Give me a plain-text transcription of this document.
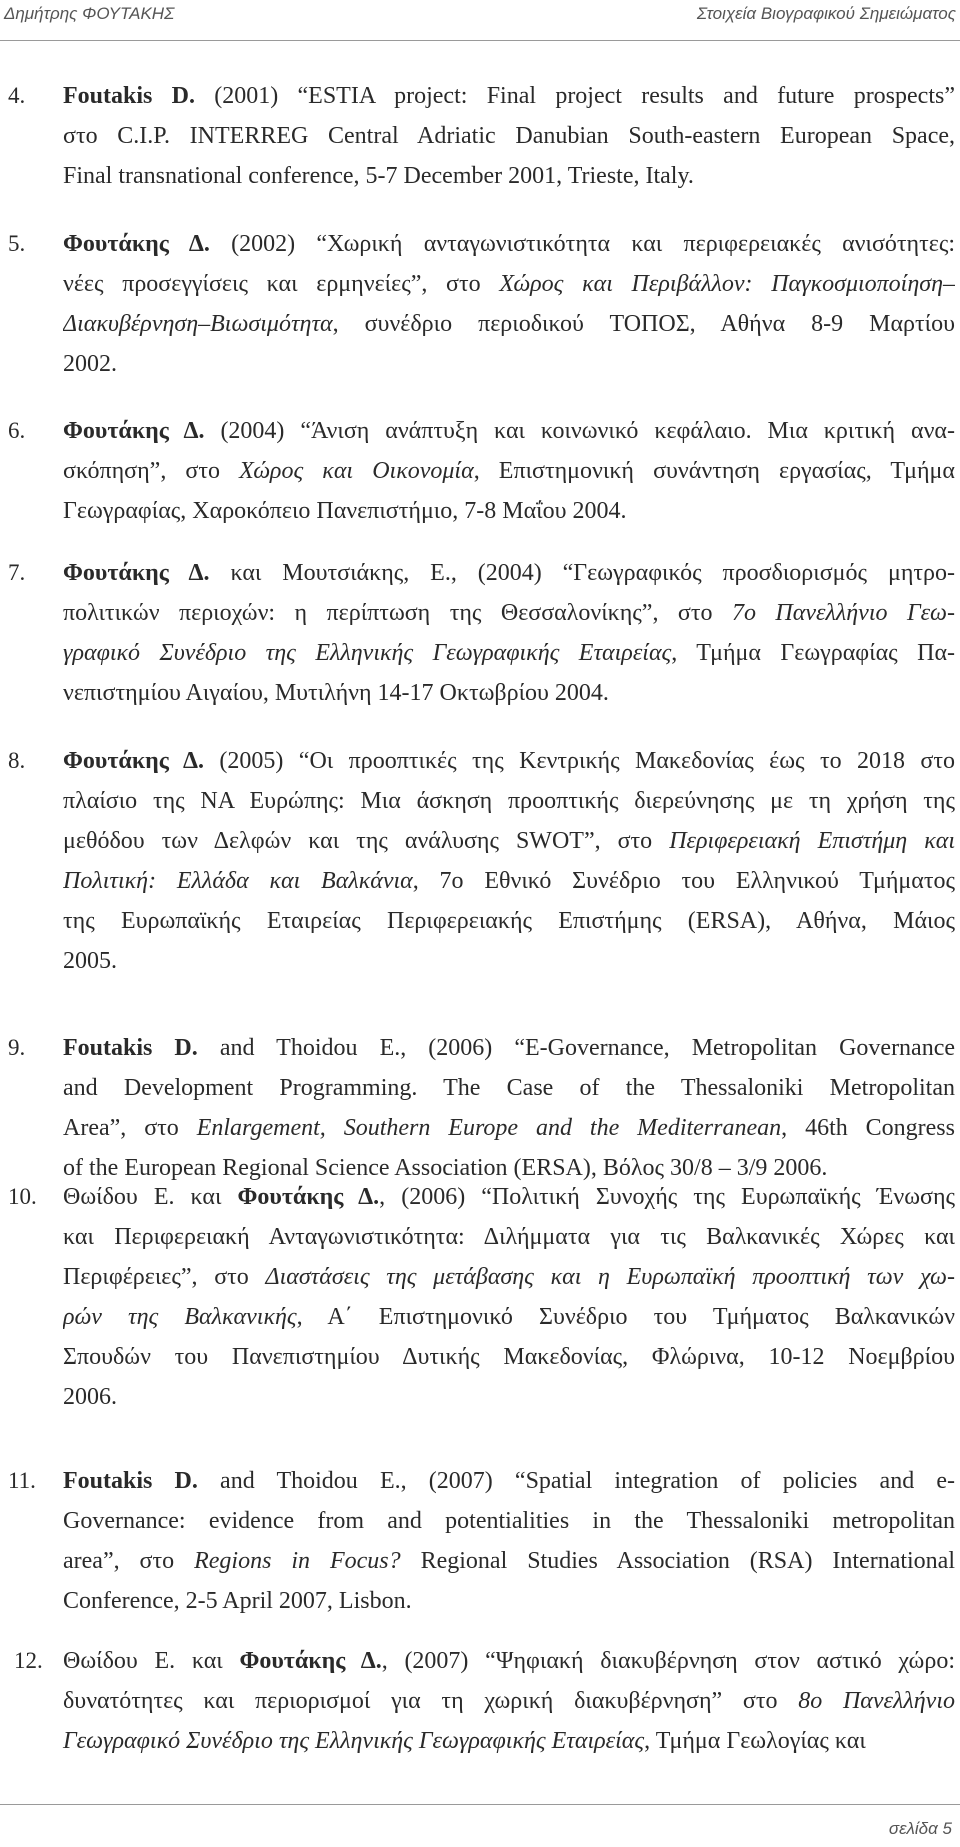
Δημήτρης ΦΟΥΤΑΚΗΣ	Στοιχεία Βιογραφικού Σημειώματος
4. Foutakis D. (2001) “ESTIA project: Final project results and future prospects”
στο C.I.P. INTERREG Central Adriatic Danubian South-eastern European Space,
Final transnational conference, 5-7 December 2001, Trieste, Italy.
5. Φουτάκης Δ. (2002) “Χωρική ανταγωνιστικότητα και περιφερειακές ανισότητες:
νέες προσεγγίσεις και ερμηνείες”, στο Χώρος και Περιβάλλον: Παγκοσμιοποίηση–
Διακυβέρνηση–Βιωσιμότητα, συνέδριο περιοδικού ΤΟΠΟΣ, Αθήνα 8-9 Μαρτίου
2002.
6. Φουτάκης Δ. (2004) “Άνιση ανάπτυξη και κοινωνικό κεφάλαιο. Μια κριτική ανα-
σκόπηση”, στο Χώρος και Οικονομία, Επιστημονική συνάντηση εργασίας, Τμήμα
Γεωγραφίας, Χαροκόπειο Πανεπιστήμιο, 7-8 Μαΐου 2004.
7. Φουτάκης Δ. και Μουτσιάκης, Ε., (2004) “Γεωγραφικός προσδιορισμός μητρο-
πολιτικών περιοχών: η περίπτωση της Θεσσαλονίκης”, στο 7ο Πανελλήνιο Γεω-
γραφικό Συνέδριο της Ελληνικής Γεωγραφικής Εταιρείας, Τμήμα Γεωγραφίας Πα-
νεπιστημίου Αιγαίου, Μυτιλήνη 14-17 Οκτωβρίου 2004.
8. Φουτάκης Δ. (2005) “Οι προοπτικές της Κεντρικής Μακεδονίας έως το 2018 στο
πλαίσιο της ΝΑ Ευρώπης: Μια άσκηση προοπτικής διερεύνησης με τη χρήση της
μεθόδου των Δελφών και της ανάλυσης SWOT”, στο Περιφερειακή Επιστήμη και
Πολιτική: Ελλάδα και Βαλκάνια, 7ο Εθνικό Συνέδριο του Ελληνικού Τμήματος
της Ευρωπαϊκής Εταιρείας Περιφερειακής Επιστήμης (ERSA), Αθήνα, Μάιος
2005.
9. Foutakis D. and Thoidou E., (2006) “E-Governance, Metropolitan Governance
and Development Programming. The Case of the Thessaloniki Metropolitan
Area”, στο Enlargement, Southern Europe and the Mediterranean, 46th Congress
of the European Regional Science Association (ERSA), Βόλος 30/8 – 3/9 2006.
10. Θωίδου Ε. και Φουτάκης Δ., (2006) “Πολιτική Συνοχής της Ευρωπαϊκής Ένωσης
και Περιφερειακή Ανταγωνιστικότητα: Διλήμματα για τις Βαλκανικές Χώρες και
Περιφέρειες”, στο Διαστάσεις της μετάβασης και η Ευρωπαϊκή προοπτική των χω-
ρών της Βαλκανικής, Α΄ Επιστημονικό Συνέδριο του Τμήματος Βαλκανικών
Σπουδών του Πανεπιστημίου Δυτικής Μακεδονίας, Φλώρινα, 10-12 Νοεμβρίου
2006.
11. Foutakis D. and Thoidou E., (2007) “Spatial integration of policies and e-
Governance: evidence from and potentialities in the Thessaloniki metropolitan
area”, στο Regions in Focus? Regional Studies Association (RSA) International
Conference, 2-5 April 2007, Lisbon.
12. Θωίδου Ε. και Φουτάκης Δ., (2007) “Ψηφιακή διακυβέρνηση στον αστικό χώρο:
δυνατότητες και περιορισμοί για τη χωρική διακυβέρνηση” στο 8ο Πανελλήνιο
Γεωγραφικό Συνέδριο της Ελληνικής Γεωγραφικής Εταιρείας, Τμήμα Γεωλογίας και
σελίδα 5
